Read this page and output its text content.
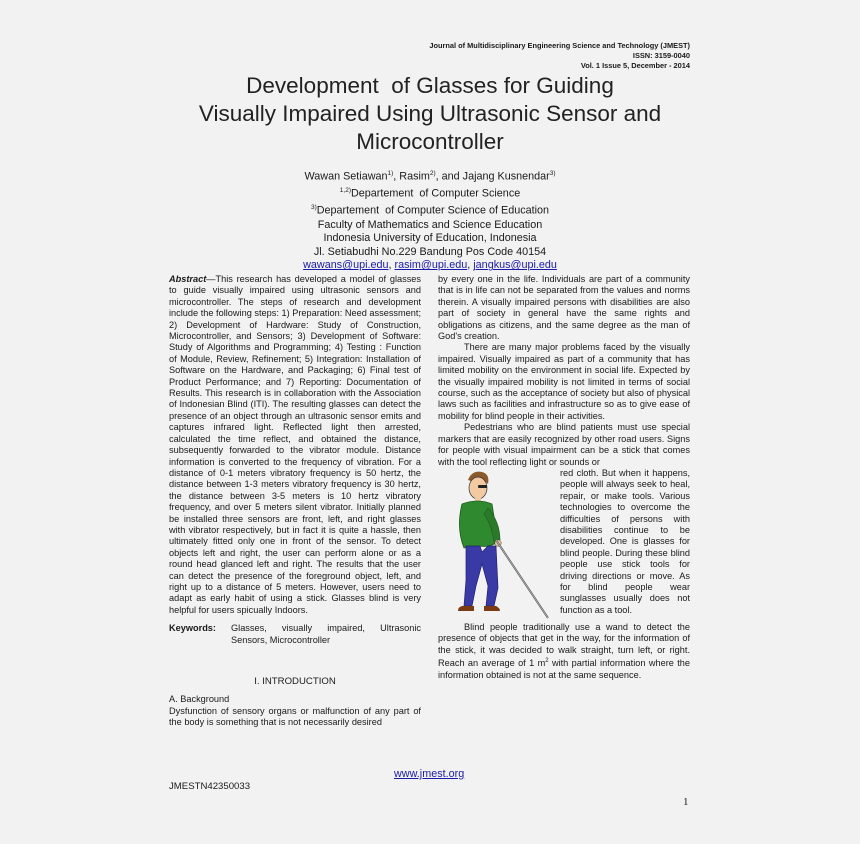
Journal of Multidisciplinary Engineering Science and Technology (JMEST)
ISSN: 3159-0040
Vol. 1 Issue 5, December - 2014
Development  of Glasses for Guiding
Visually Impaired Using Ultrasonic Sensor and
Microcontroller
Wawan Setiawan$^{1)}$, Rasim$^{2)}$, and Jajang Kusnendar$^{3)}$
$^{1,2)}$Departement  of Computer Science
$^{3)}$Departement  of Computer Science of Education
Faculty of Mathematics and Science Education
Indonesia University of Education, Indonesia
Jl. Setiabudhi No.229 Bandung Pos Code 40154
wawans@upi.edu, rasim@upi.edu, jangkus@upi.edu

Abstract—This research has developed a model of glasses to guide visually impaired using ultrasonic sensors and microcontroller. The steps of research and development include the following steps: 1) Preparation: Need assessment; 2) Development of Hardware: Study of Construction, Microcontroller, and Sensors; 3) Development of Software: Study of Algorithms and Programming; 4) Testing : Function of Module, Review, Refinement; 5) Integration: Installation of Software on the Hardware, and Packaging; 6) Final test of Product Performance; and 7) Reporting: Documentation of Results. This research is in collaboration with the Association of Indonesian Blind (ITI). The resulting glasses can detect the presence of an object through an ultrasonic sensor emits and captures infrared light. Reflected light then arrested, calculated the time reflect, and obtained the distance, subsequently forwarded to the vibrator module. Distance information is converted to the frequency of vibration. For a distance of 0-1 meters vibratory frequency is 50 hertz, the distance between 1-3 meters vibratory frequency is 30 hertz, the distance between 3-5 meters is 10 hertz vibratory frequency, and over 5 meters silent vibrator. Initially planned be installed three sensors are front, left, and right glasses with vibrator respectively, but in fact it is quite a hassle, then ultimately fitted only one in front of the sensor. To detect objects left and right, the user can perform alone or as a round head glanced left and right. The results that the user can detect the presence of the foreground object, left, and right up to a distance of 5 meters. However, users need to adapt as early habit of using a stick. Glasses blind is very helpful for users spicually Indoors.

Keywords:	Glasses, visually impaired, Ultrasonic Sensors, Microcontroller
I. INTRODUCTION
A. Background

Dysfunction of sensory organs or malfunction of any part of the body is something that is not necessarily desired

by every one in the life. Individuals are part of a community that is in life can not be separated from the values and norms therein. A visually impaired persons with disabilities are also part of society in general have the same rights and obligations as citizens, and the same degree as the man of God's creation.

There are many major problems faced by the visually impaired. Visually impaired as part of a community that has limited mobility on the environment in social life. Expected by the visually impaired mobility is not limited in terms of social course, such as the acceptance of society but also of physical laws such as facilities and infrastructure so as to give ease of mobility for blind people in their activities.

Pedestrians who are blind patients must use special markers that are easily recognized by other road users. Signs for people with visual impairment can be a stick that comes with the tool reflecting light or sounds or

red cloth. But when it happens, people will always seek to heal, repair, or make tools. Various technologies to overcome the difficulties of persons with disabilities continue to be developed. One is glasses for blind people. During these blind people use stick tools for driving directions or move. As for blind people wear sunglasses usually does not function as a tool.

Blind people traditionally use a wand to detect the presence of objects that get in the way, for the information of the stick, it was decided to walk straight, turn left, or right. Reach an average of 1 $m^2$ with partial information where the information obtained is not at the same sequence.

www.jmest.org
JMESTN42350033
1
